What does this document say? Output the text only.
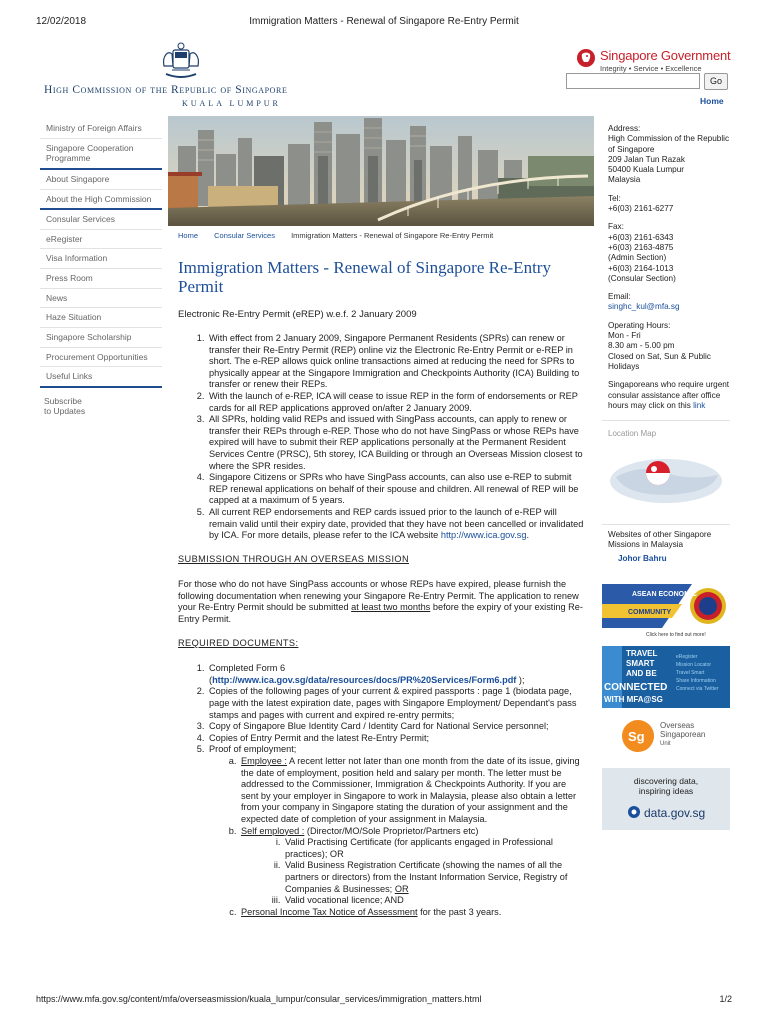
12/02/2018	Immigration Matters - Renewal of Singapore Re-Entry Permit
High Commission of the Republic of Singapore
KUALA LUMPUR
Singapore Government
Integrity • Service • Excellence
Go
Home
Ministry of Foreign Affairs
Singapore Cooperation Programme
About Singapore
About the High Commission
Consular Services
eRegister
Visa Information
Press Room
News
Haze Situation
Singapore Scholarship
Procurement Opportunities
Useful Links
Subscribe
to Updates
Home Consular Services Immigration Matters - Renewal of Singapore Re-Entry Permit
Immigration Matters - Renewal of Singapore Re-Entry Permit
Electronic Re-Entry Permit (eREP) w.e.f. 2 January 2009
1. With effect from 2 January 2009, Singapore Permanent Residents (SPRs) can renew or transfer their Re-Entry Permit (REP) online viz the Electronic Re-Entry Permit or e-REP in short. The e-REP allows quick online transactions aimed at reducing the need for SPRs to physically appear at the Singapore Immigration and Checkpoints Authority (ICA) Building to transfer or renew their REPs.
2. With the launch of e-REP, ICA will cease to issue REP in the form of endorsements or REP cards for all REP applications approved on/after 2 January 2009.
3. All SPRs, holding valid REPs and issued with SingPass accounts, can apply to renew or transfer their REPs through e-REP. Those who do not have SingPass or whose REPs have expired will have to submit their REP applications personally at the Permanent Resident Services Centre (PRSC), 5th storey, ICA Building or through an Overseas Mission closest to where the SPR resides.
4. Singapore Citizens or SPRs who have SingPass accounts, can also use e-REP to submit REP renewal applications on behalf of their spouse and children. All renewal of REP will be capped at a maximum of 5 years.
5. All current REP endorsements and REP cards issued prior to the launch of e-REP will remain valid until their expiry date, provided that they have not been cancelled or invalidated by ICA. For more details, please refer to the ICA website http://www.ica.gov.sg.
SUBMISSION THROUGH AN OVERSEAS MISSION

For those who do not have SingPass accounts or whose REPs have expired, please furnish the following documentation when renewing your Singapore Re-Entry Permit. The application to renew your Re-Entry Permit should be submitted at least two months before the expiry of your existing Re-Entry Permit.

REQUIRED DOCUMENTS:
1. Completed Form 6
(http://www.ica.gov.sg/data/resources/docs/PR%20Services/Form6.pdf );
2. Copies of the following pages of your current & expired passports : page 1 (biodata page, page with the latest expiration date, pages with Singapore Employment/ Dependant's pass stamps and pages with current and expired re-entry permits;
3. Copy of Singapore Blue Identity Card / Identity Card for National Service personnel;
4. Copies of Entry Permit and the latest Re-Entry Permit;
5. Proof of employment;
a. Employee : A recent letter not later than one month from the date of its issue, giving the date of employment, position held and salary per month. The letter must be addressed to the Commissioner, Immigration & Checkpoints Authority. If you are sent by your employer in Singapore to work in Malaysia, please also obtain a letter from your company in Singapore stating the duration of your assignment and the expected date of completion of your assignment in Malaysia.
b. Self employed : (Director/MO/Sole Proprietor/Partners etc)
i. Valid Practising Certificate (for applicants engaged in Professional practices); OR
ii. Valid Business Registration Certificate (showing the names of all the partners or directors) from the Instant Information Service, Registry of Companies & Businesses; OR
iii. Valid vocational licence; AND
c. Personal Income Tax Notice of Assessment for the past 3 years.
Address:
High Commission of the Republic of Singapore
209 Jalan Tun Razak
50400 Kuala Lumpur
Malaysia
Tel:
+6(03) 2161-6277
Fax:
+6(03) 2161-6343
+6(03) 2163-4875
(Admin Section)
+6(03) 2164-1013
(Consular Section)
Email:
singhc_kul@mfa.sg
Operating Hours:
Mon - Fri
8.30 am - 5.00 pm
Closed on Sat, Sun & Public Holidays
Singaporeans who require urgent consular assistance after office hours may click on this link
Location Map
Websites of other Singapore Missions in Malaysia
Johor Bahru
ASEAN ECONOMIC
COMMUNITY
Click here to find out more!
TRAVEL
SMART
AND BE
CONNECTED
WITH MFA@SG
eRegister
Mission Locator
Travel Smart
Share Information
Connect via Twitter
Sg
Overseas
Singaporean
Unit
discovering data,
inspiring ideas
data.gov.sg
https://www.mfa.gov.sg/content/mfa/overseasmission/kuala_lumpur/consular_services/immigration_matters.html	1/2
